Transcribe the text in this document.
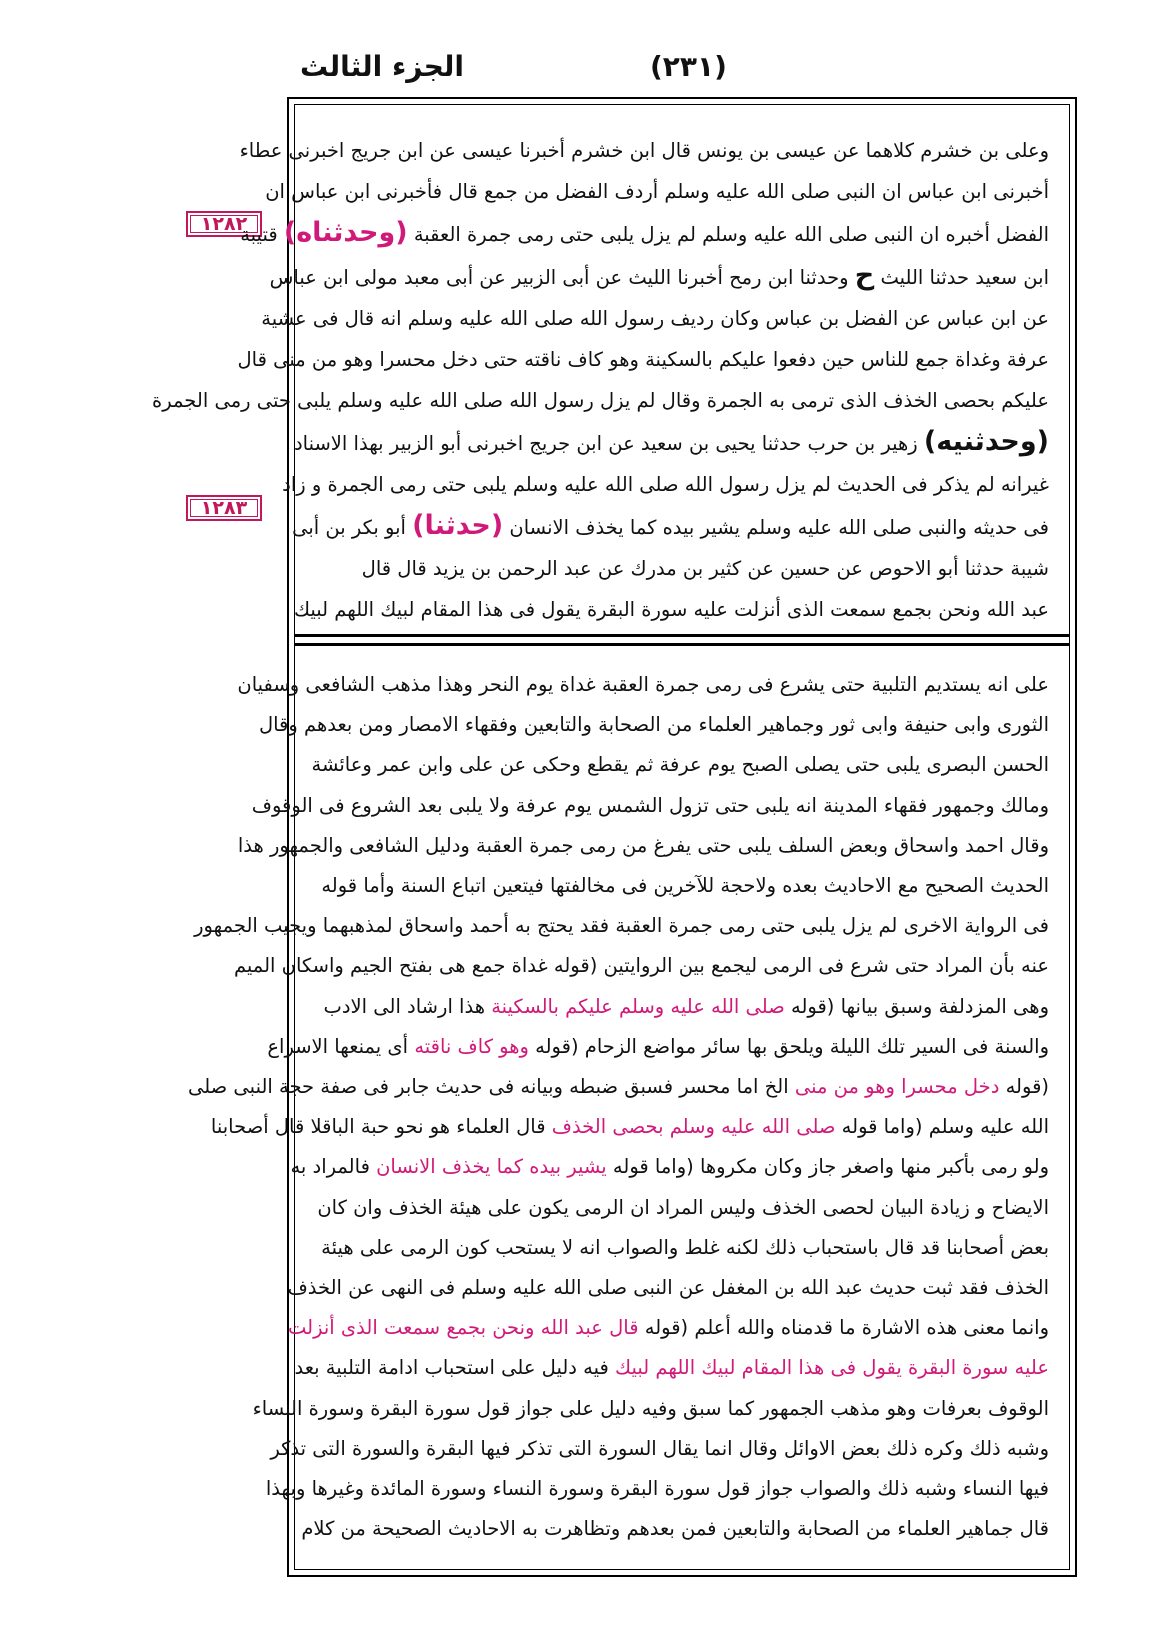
الجزء الثالث	(٢٣١)
١٢٨٢
١٢٨٣
وعلى بن خشرم كلاهما عن عيسى بن يونس قال ابن خشرم أخبرنا عيسى عن ابن جريج اخبرنى عطاء
أخبرنى ابن عباس ان النبى صلى الله عليه وسلم أردف الفضل من جمع قال فأخبرنى ابن عباس ان
الفضل أخبره ان النبى صلى الله عليه وسلم لم يزل يلبى حتى رمى جمرة العقبة (وحدثناه) قتيبة
ابن سعيد حدثنا الليث ح وحدثنا ابن رمح أخبرنا الليث عن أبى الزبير عن أبى معبد مولى ابن عباس
عن ابن عباس عن الفضل بن عباس وكان رديف رسول الله صلى الله عليه وسلم انه قال فى عشية
عرفة وغداة جمع للناس حين دفعوا عليكم بالسكينة وهو كاف ناقته حتى دخل محسرا وهو من منى قال
عليكم بحصى الخذف الذى ترمى به الجمرة وقال لم يزل رسول الله صلى الله عليه وسلم يلبى حتى رمى الجمرة
(وحدثنيه) زهير بن حرب حدثنا يحيى بن سعيد عن ابن جريج اخبرنى أبو الزبير بهذا الاسناد
غيرانه لم يذكر فى الحديث لم يزل رسول الله صلى الله عليه وسلم يلبى حتى رمى الجمرة و زاد
فى حديثه والنبى صلى الله عليه وسلم يشير بيده كما يخذف الانسان (حدثنا) أبو بكر بن أبى
شيبة حدثنا أبو الاحوص عن حسين عن كثير بن مدرك عن عبد الرحمن بن يزيد قال قال
عبد الله ونحن بجمع سمعت الذى أنزلت عليه سورة البقرة يقول فى هذا المقام لبيك اللهم لبيك
على انه يستديم التلبية حتى يشرع فى رمى جمرة العقبة غداة يوم النحر وهذا مذهب الشافعى وسفيان
الثورى وابى حنيفة وابى ثور وجماهير العلماء من الصحابة والتابعين وفقهاء الامصار ومن بعدهم وقال
الحسن البصرى يلبى حتى يصلى الصبح يوم عرفة ثم يقطع وحكى عن على وابن عمر وعائشة
ومالك وجمهور فقهاء المدينة انه يلبى حتى تزول الشمس يوم عرفة ولا يلبى بعد الشروع فى الوقوف
وقال احمد واسحاق وبعض السلف يلبى حتى يفرغ من رمى جمرة العقبة ودليل الشافعى والجمهور هذا
الحديث الصحيح مع الاحاديث بعده ولاحجة للآخرين فى مخالفتها فيتعين اتباع السنة وأما قوله
فى الرواية الاخرى لم يزل يلبى حتى رمى جمرة العقبة فقد يحتج به أحمد واسحاق لمذهبهما ويجيب الجمهور
عنه بأن المراد حتى شرع فى الرمى ليجمع بين الروايتين (قوله غداة جمع هى بفتح الجيم واسكان الميم
وهى المزدلفة وسبق بيانها (قوله صلى الله عليه وسلم عليكم بالسكينة هذا ارشاد الى الادب
والسنة فى السير تلك الليلة ويلحق بها سائر مواضع الزحام (قوله وهو كاف ناقته أى يمنعها الاسراع
(قوله دخل محسرا وهو من منى الخ اما محسر فسبق ضبطه وبيانه فى حديث جابر فى صفة حجة النبى صلى
الله عليه وسلم (واما قوله صلى الله عليه وسلم بحصى الخذف قال العلماء هو نحو حبة الباقلا قال أصحابنا
ولو رمى بأكبر منها واصغر جاز وكان مكروها (واما قوله يشير بيده كما يخذف الانسان فالمراد به
الايضاح و زيادة البيان لحصى الخذف وليس المراد ان الرمى يكون على هيئة الخذف وان كان
بعض أصحابنا قد قال باستحباب ذلك لكنه غلط والصواب انه لا يستحب كون الرمى على هيئة
الخذف فقد ثبت حديث عبد الله بن المغفل عن النبى صلى الله عليه وسلم فى النهى عن الخذف
وانما معنى هذه الاشارة ما قدمناه والله أعلم (قوله قال عبد الله ونحن بجمع سمعت الذى أنزلت
عليه سورة البقرة يقول فى هذا المقام لبيك اللهم لبيك فيه دليل على استحباب ادامة التلبية بعد
الوقوف بعرفات وهو مذهب الجمهور كما سبق وفيه دليل على جواز قول سورة البقرة وسورة النساء
وشبه ذلك وكره ذلك بعض الاوائل وقال انما يقال السورة التى تذكر فيها البقرة والسورة التى تذكر
فيها النساء وشبه ذلك والصواب جواز قول سورة البقرة وسورة النساء وسورة المائدة وغيرها وبهذا
قال جماهير العلماء من الصحابة والتابعين فمن بعدهم وتظاهرت به الاحاديث الصحيحة من كلام
